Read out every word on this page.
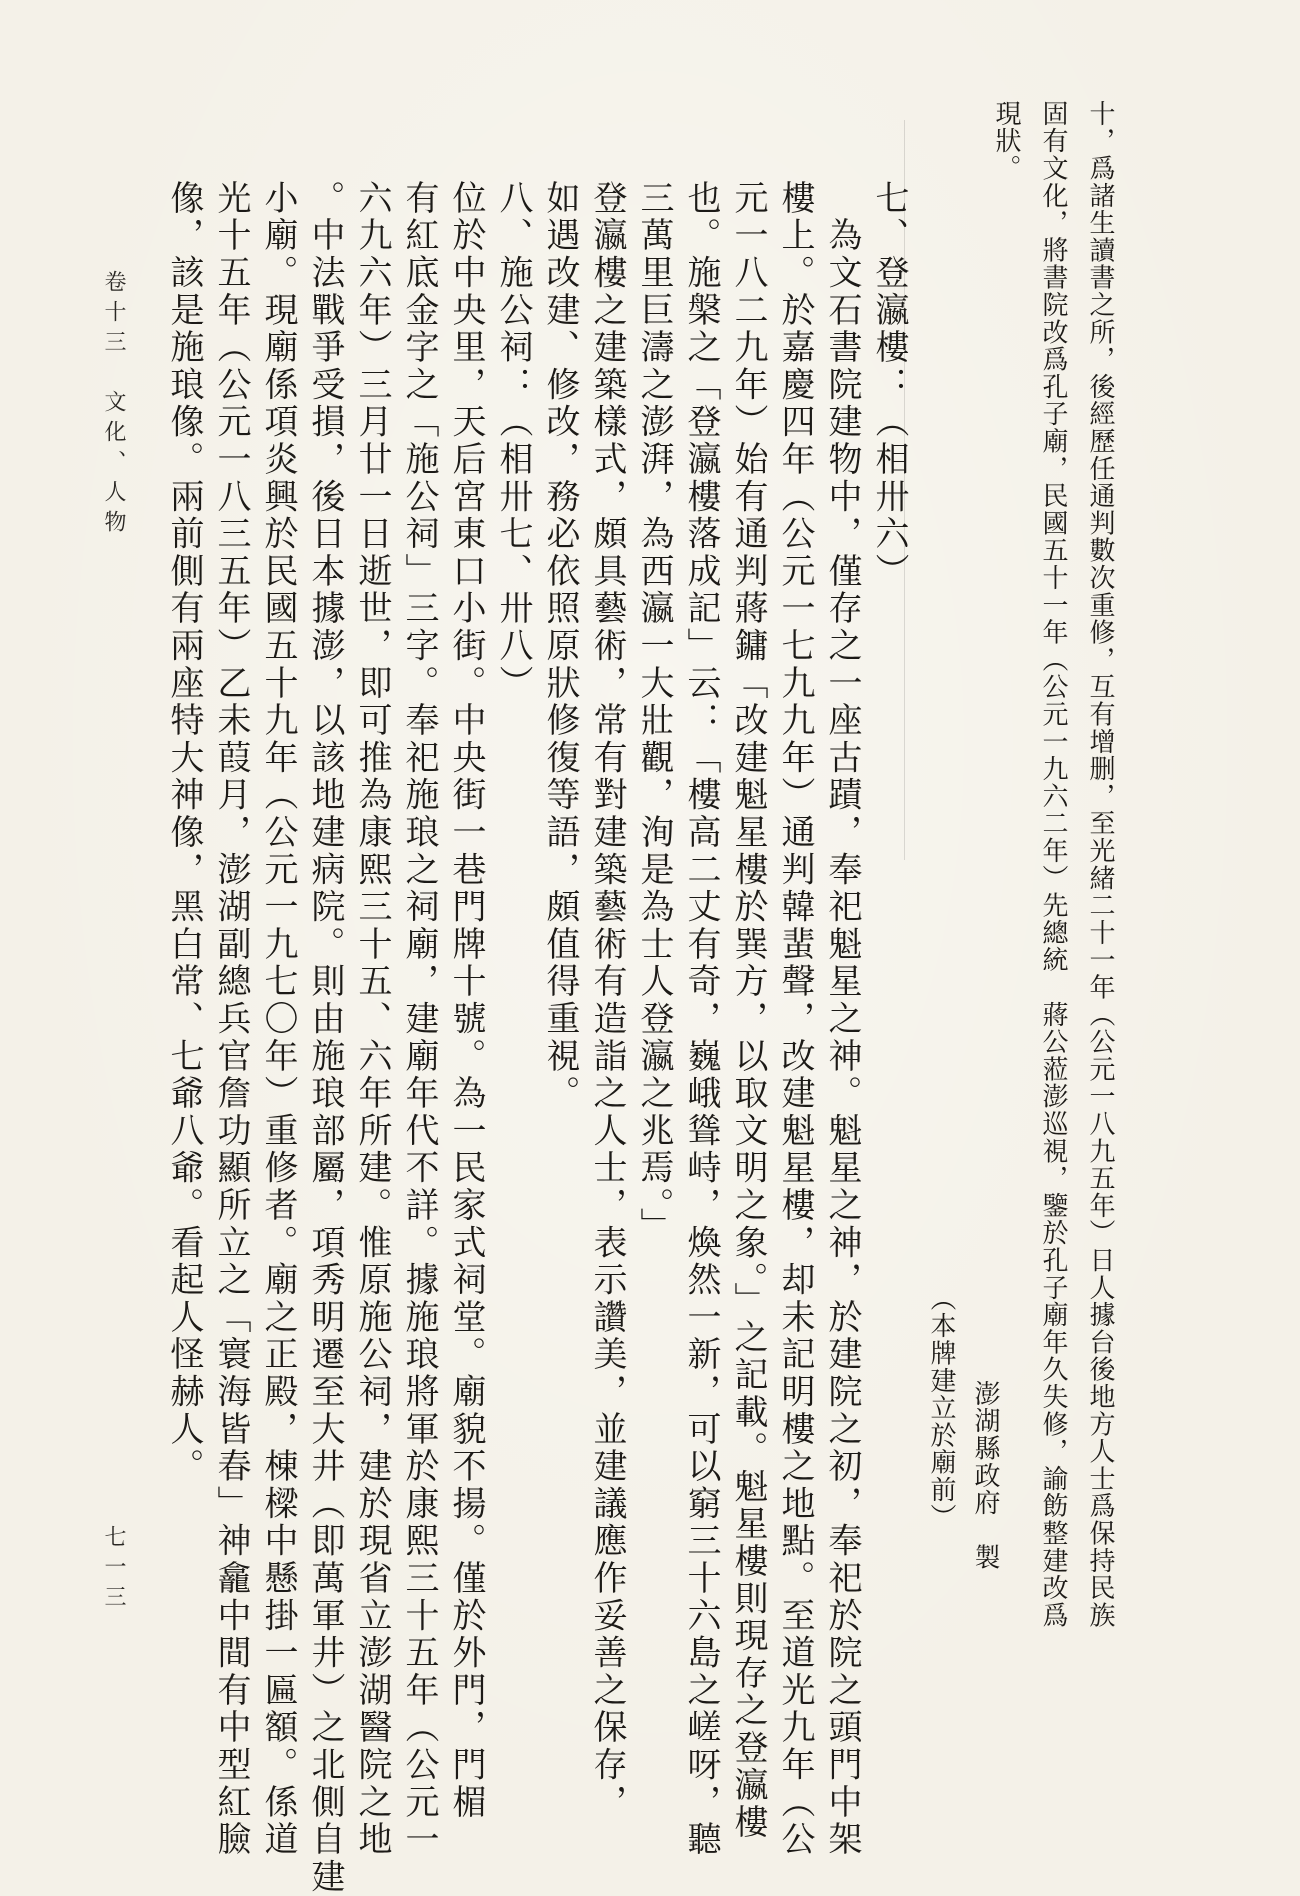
十，爲諸生讀書之所，後經歷任通判數次重修，互有增删，至光緒二十一年（公元一八九五年）日人據台後地方人士爲保持民族
固有文化，將書院改爲孔子廟，民國五十一年（公元一九六二年）先總統　蔣公蒞澎巡視，鑒於孔子廟年久失修，諭飭整建改爲
現狀。
澎湖縣政府　製
（本牌建立於廟前）
七、登瀛樓：（相卅六）
　為文石書院建物中，僅存之一座古蹟，奉祀魁星之神。魁星之神，於建院之初，奉祀於院之頭門中架
樓上。於嘉慶四年（公元一七九九年）通判韓蜚聲，改建魁星樓，却未記明樓之地點。至道光九年（公
元一八二九年）始有通判蔣鏞「改建魁星樓於巽方，以取文明之象。」之記載。魁星樓則現存之登瀛樓
也。施槃之「登瀛樓落成記」云：「樓高二丈有奇，巍峨聳峙，煥然一新，可以窮三十六島之嵯呀，聽
三萬里巨濤之澎湃，為西瀛一大壯觀，洵是為士人登瀛之兆焉。」
登瀛樓之建築樣式，頗具藝術，常有對建築藝術有造詣之人士，表示讚美，並建議應作妥善之保存，
如遇改建、修改，務必依照原狀修復等語，頗值得重視。
八、施公祠：（相卅七、卅八）
位於中央里，天后宮東口小街。中央街一巷門牌十號。為一民家式祠堂。廟貌不揚。僅於外門，門楣
有紅底金字之「施公祠」三字。奉祀施琅之祠廟，建廟年代不詳。據施琅將軍於康熙三十五年（公元一
六九六年）三月廿一日逝世，即可推為康熙三十五、六年所建。惟原施公祠，建於現省立澎湖醫院之地
。中法戰爭受損，後日本據澎，以該地建病院。則由施琅部屬，項秀明遷至大井（即萬軍井）之北側自建
小廟。現廟係項炎興於民國五十九年（公元一九七〇年）重修者。廟之正殿，棟樑中懸掛一匾額。係道
光十五年（公元一八三五年）乙未葭月，澎湖副總兵官詹功顯所立之「寰海皆春」神龕中間有中型紅臉
像，該是施琅像。兩前側有兩座特大神像，黑白常、七爺八爺。看起人怪赫人。
卷十三　文化、人物
七一三
